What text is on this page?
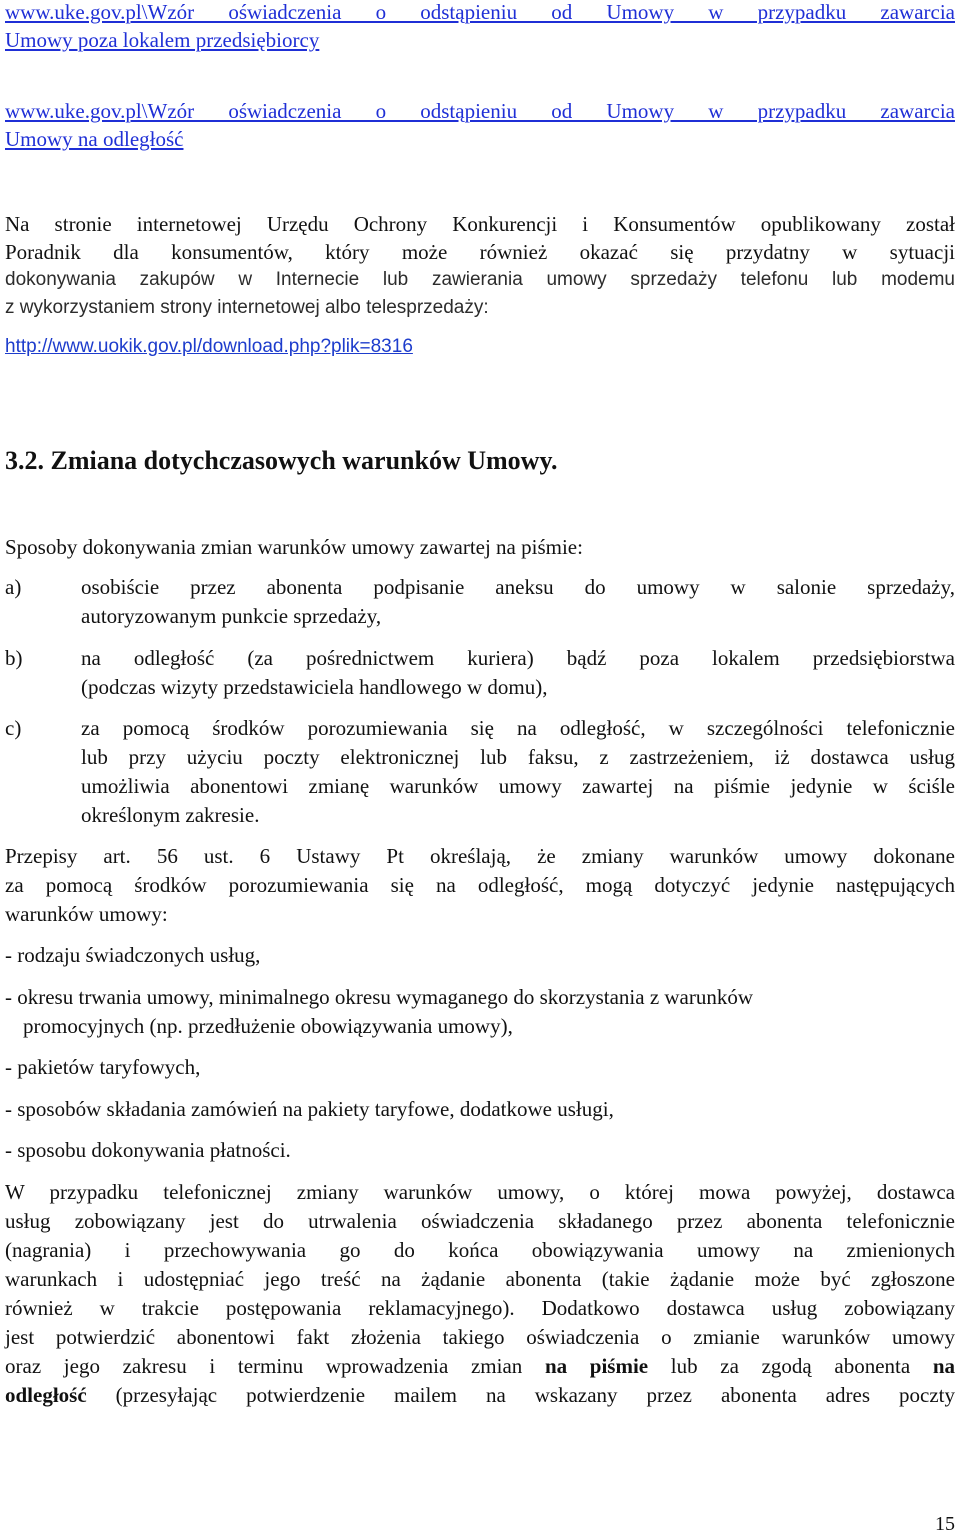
www.uke.gov.pl\Wzór oświadczenia o odstąpieniu od Umowy w przypadku zawarcia
Umowy poza lokalem przedsiębiorcy
www.uke.gov.pl\Wzór oświadczenia o odstąpieniu od Umowy w przypadku zawarcia
Umowy na odległość
Na stronie internetowej Urzędu Ochrony Konkurencji i Konsumentów opublikowany został
Poradnik dla konsumentów, który może również okazać się przydatny w sytuacji
dokonywania zakupów w Internecie lub zawierania umowy sprzedaży telefonu lub modemu
z wykorzystaniem strony internetowej albo telesprzedaży:
http://www.uokik.gov.pl/download.php?plik=8316
3.2. Zmiana dotychczasowych warunków Umowy.
Sposoby dokonywania zmian warunków umowy zawartej na piśmie:
a)	osobiście przez abonenta podpisanie aneksu do umowy w salonie sprzedaży,
autoryzowanym punkcie sprzedaży,
b)	na odległość (za pośrednictwem kuriera) bądź poza lokalem przedsiębiorstwa
(podczas wizyty przedstawiciela handlowego w domu),
c)	za pomocą środków porozumiewania się na odległość, w szczególności telefonicznie
lub przy użyciu poczty elektronicznej lub faksu, z zastrzeżeniem, iż dostawca usług
umożliwia abonentowi zmianę warunków umowy zawartej na piśmie jedynie w ściśle
określonym zakresie.
Przepisy art. 56 ust. 6 Ustawy Pt określają, że zmiany warunków umowy dokonane
za pomocą środków porozumiewania się na odległość, mogą dotyczyć jedynie następujących
warunków umowy:
- rodzaju świadczonych usług,
- okresu trwania umowy, minimalnego okresu wymaganego do skorzystania z warunków
promocyjnych (np. przedłużenie obowiązywania umowy),
- pakietów taryfowych,
- sposobów składania zamówień na pakiety taryfowe, dodatkowe usługi,
- sposobu dokonywania płatności.
W przypadku telefonicznej zmiany warunków umowy, o której mowa powyżej, dostawca
usług zobowiązany jest do utrwalenia oświadczenia składanego przez abonenta telefonicznie
(nagrania) i przechowywania go do końca obowiązywania umowy na zmienionych
warunkach i udostępniać jego treść na żądanie abonenta (takie żądanie może być zgłoszone
również w trakcie postępowania reklamacyjnego). Dodatkowo dostawca usług zobowiązany
jest potwierdzić abonentowi fakt złożenia takiego oświadczenia o zmianie warunków umowy
oraz jego zakresu i terminu wprowadzenia zmian na piśmie lub za zgodą abonenta na
odległość (przesyłając potwierdzenie mailem na wskazany przez abonenta adres poczty
15
